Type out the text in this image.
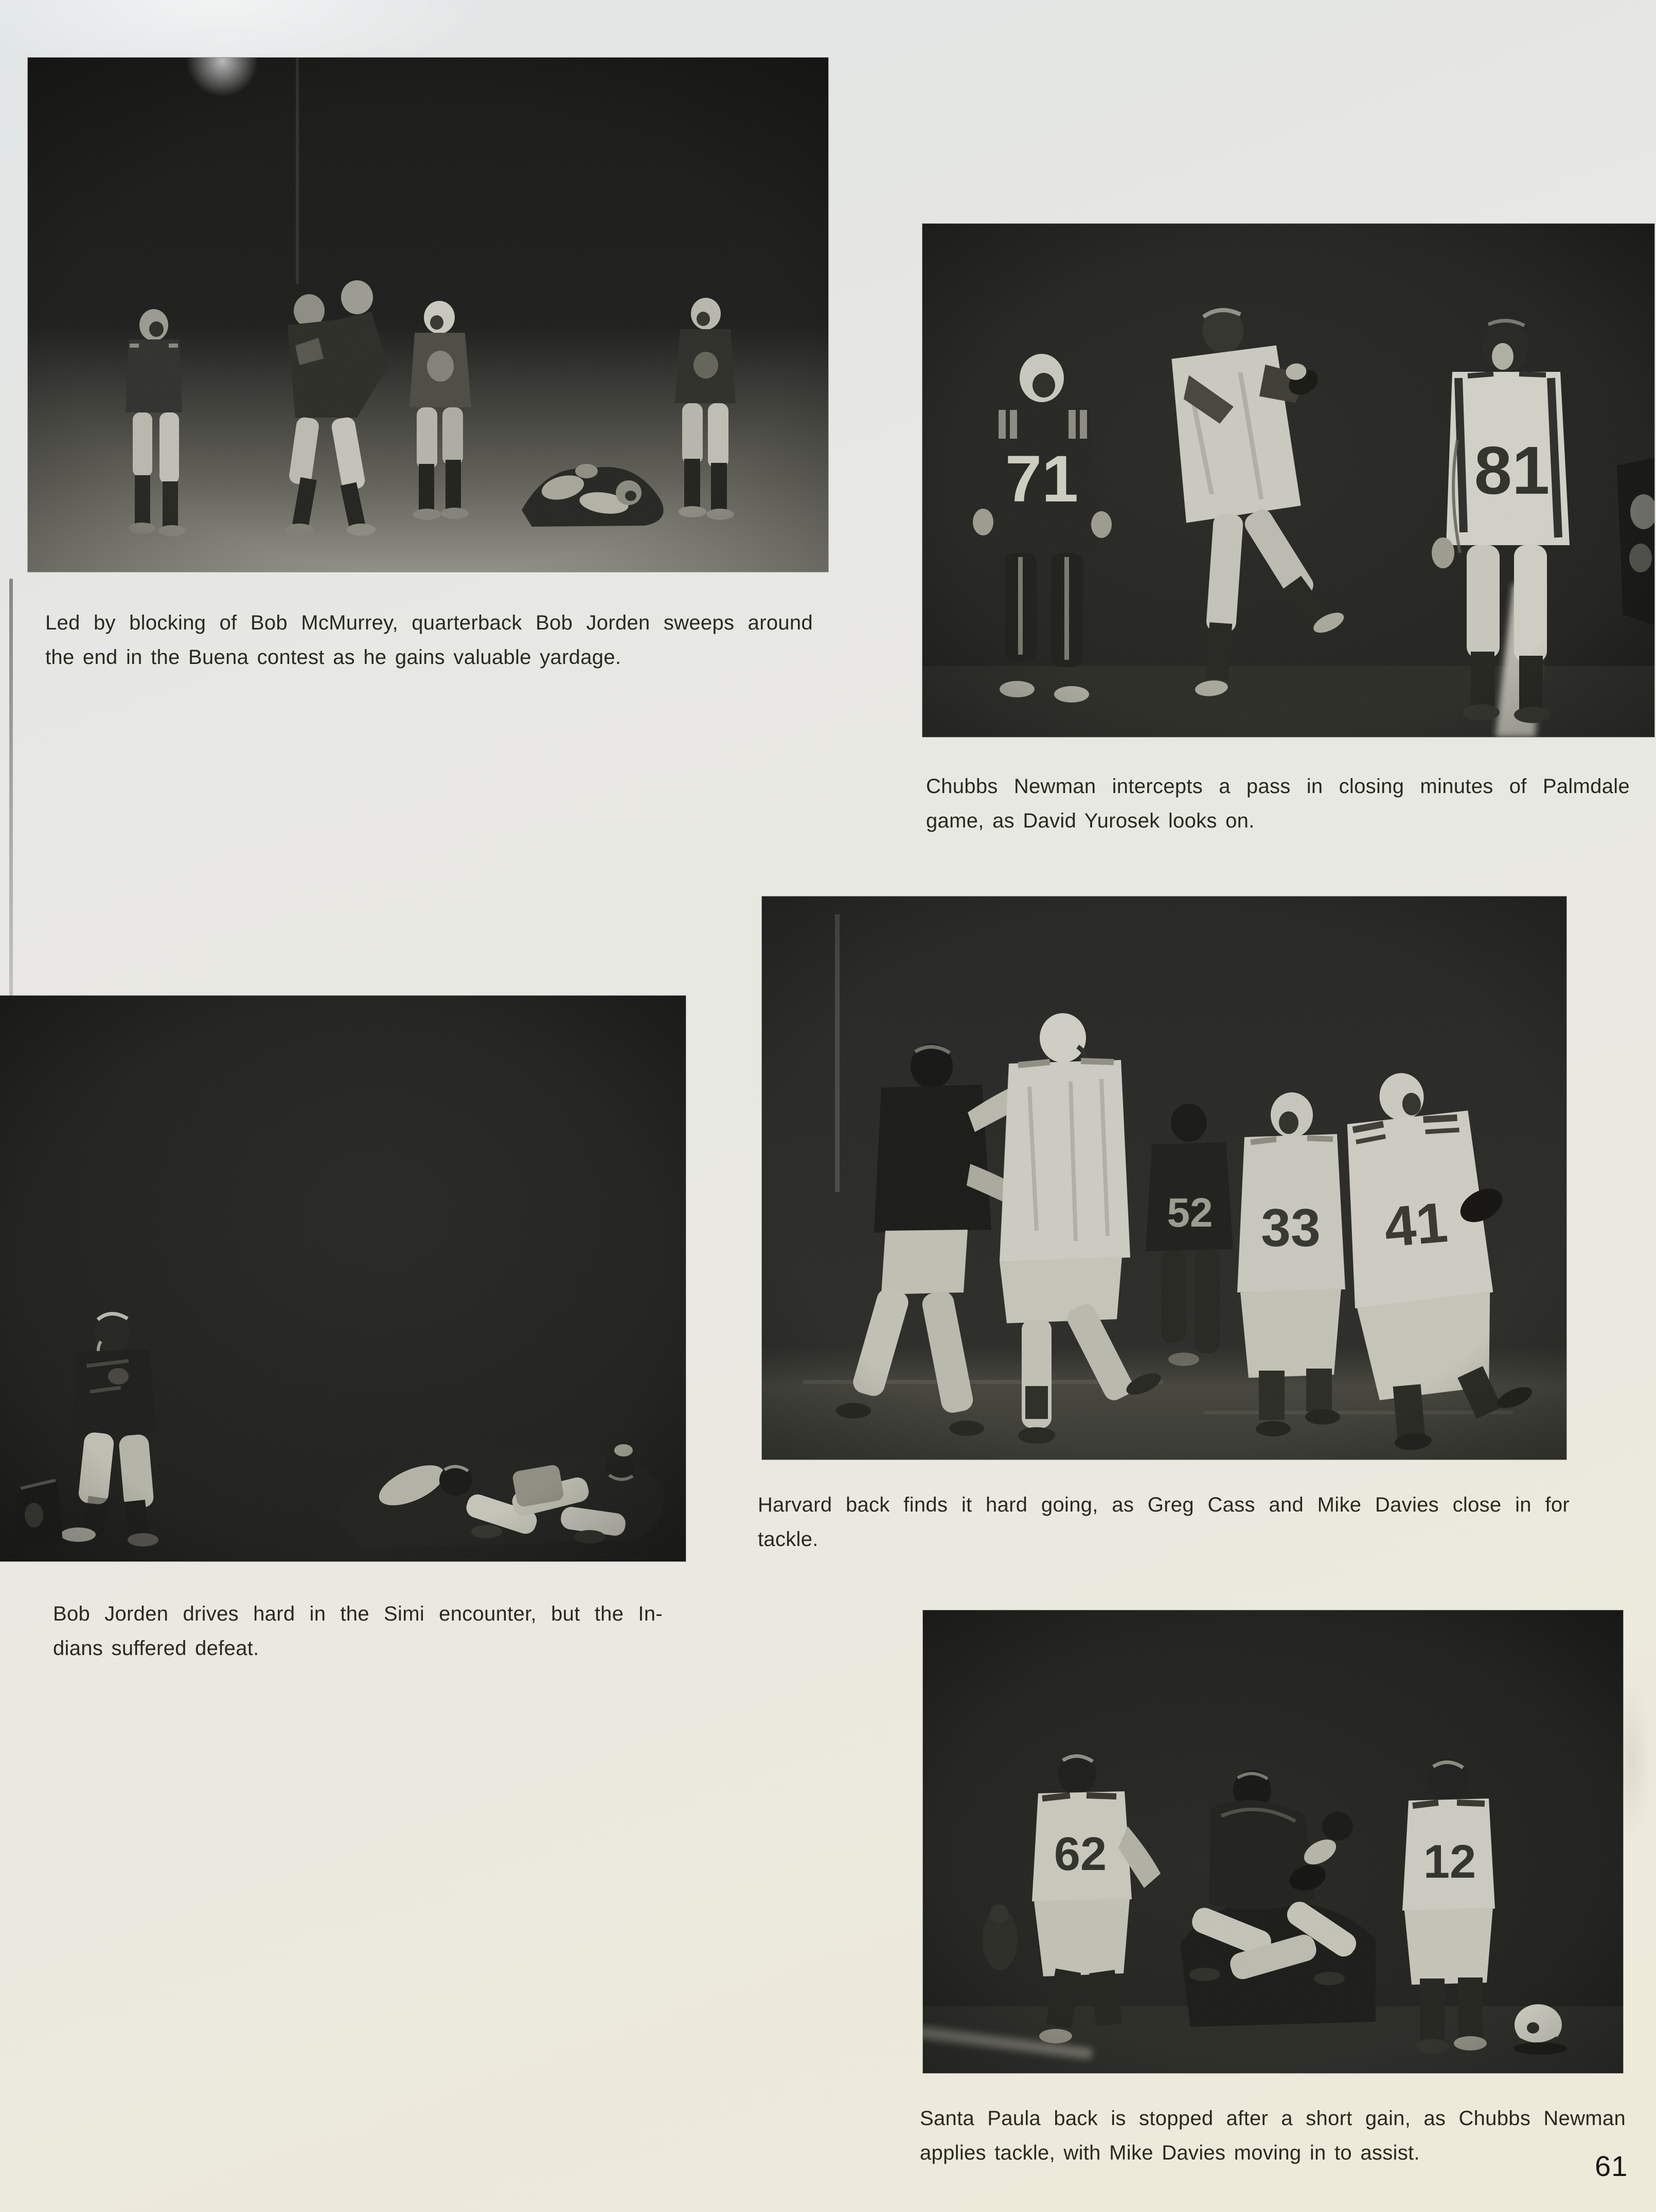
Led by blocking of Bob McMurrey, quarterback Bob Jorden sweeps around
the end in the Buena contest as he gains valuable yardage.
Chubbs Newman intercepts a pass in closing minutes of Palmdale
game, as David Yurosek looks on.
Bob Jorden drives hard in the Simi encounter, but the In-
dians suffered defeat.
Harvard back finds it hard going, as Greg Cass and Mike Davies close in for
tackle.
Santa Paula back is stopped after a short gain, as Chubbs Newman
applies tackle, with Mike Davies moving in to assist.	61
